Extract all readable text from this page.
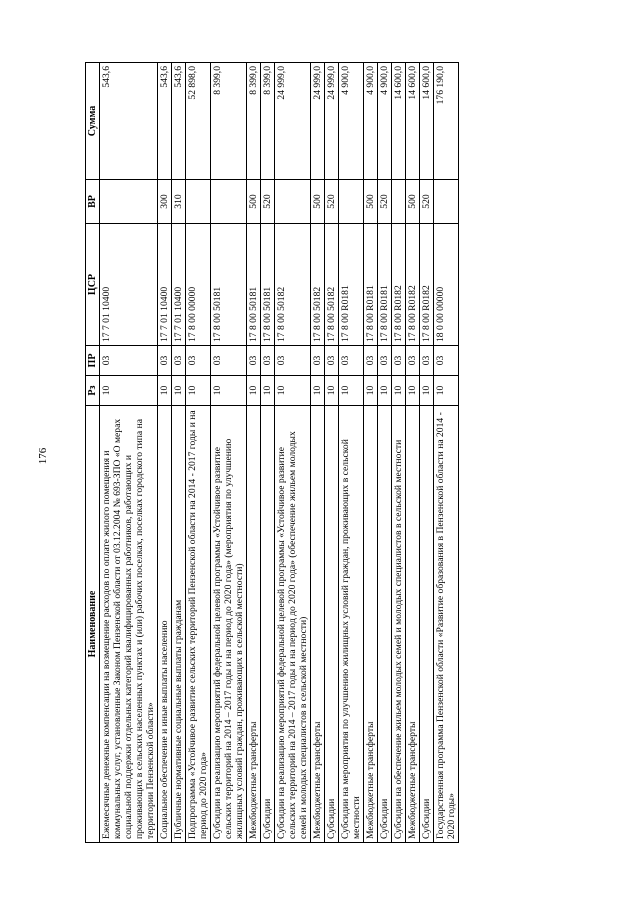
176
Наименование	Рз	ПР	ЦСР	ВР	Сумма
Ежемесячные денежные компенсации на возмещение расходов по оплате жилого помещения и коммунальных услуг, установленные Законом Пензенской области от 03.12.2004 № 693-ЗПО «О мерах социальной поддержки отдельных категорий квалифицированных работников, работающих и проживающих в сельских населенных пунктах и (или) рабочих поселках, поселках городского типа на территории Пензенской области»	10	03	17 7 01 10400		543,6
Социальное обеспечение и иные выплаты населению	10	03	17 7 01 10400	300	543,6
Публичные нормативные социальные выплаты гражданам	10	03	17 7 01 10400	310	543,6
Подпрограмма «Устойчивое развитие сельских территорий Пензенской области на 2014 - 2017 годы и на период до 2020 года»	10	03	17 8 00 00000		52 898,0
Субсидии на реализацию мероприятий федеральной целевой программы «Устойчивое развитие сельских территорий на 2014 – 2017 годы и на период до 2020 года» (мероприятия по улучшению жилищных условий граждан, проживающих в сельской местности)	10	03	17 8 00 50181		8 399,0
Межбюджетные трансферты	10	03	17 8 00 50181	500	8 399,0
Субсидии	10	03	17 8 00 50181	520	8 399,0
Субсидии на реализацию мероприятий федеральной целевой программы «Устойчивое развитие сельских территорий на 2014 – 2017 годы и на период до 2020 года» (обеспечение жильем молодых семей и молодых специалистов в сельской местности)	10	03	17 8 00 50182		24 999,0
Межбюджетные трансферты	10	03	17 8 00 50182	500	24 999,0
Субсидии	10	03	17 8 00 50182	520	24 999,0
Субсидии на мероприятия по улучшению жилищных условий граждан, проживающих в сельской местности	10	03	17 8 00 R0181		4 900,0
Межбюджетные трансферты	10	03	17 8 00 R0181	500	4 900,0
Субсидии	10	03	17 8 00 R0181	520	4 900,0
Субсидии на обеспечение жильем молодых семей и молодых специалистов в сельской местности	10	03	17 8 00 R0182		14 600,0
Межбюджетные трансферты	10	03	17 8 00 R0182	500	14 600,0
Субсидии	10	03	17 8 00 R0182	520	14 600,0
Государственная программа Пензенской области «Развитие образования в Пензенской области на 2014 - 2020 годы»	10	03	18 0 00 00000		176 190,0
